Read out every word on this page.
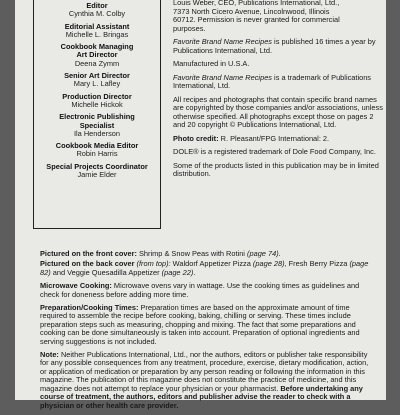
Editor
Cynthia M. Colby
Editorial Assistant
Michelle L. Bringas
Cookbook Managing
Art Director
Deena Zymm
Senior Art Director
Mary L. Lafley
Production Director
Michelle Hickok
Electronic Publishing
Specialist
Ila Henderson
Cookbook Media Editor
Robin Harris
Special Projects Coordinator
Jamie Elder

Louis Weber, CEO, Publications International, Ltd.,
7373 North Cicero Avenue, Lincolnwood, Illinois
60712. Permission is never granted for commercial
purposes.

Favorite Brand Name Recipes is published 16 times a year by Publications International, Ltd.

Manufactured in U.S.A.

Favorite Brand Name Recipes is a trademark of Publications International, Ltd.

All recipes and photographs that contain specific brand names are copyrighted by those companies and/or associations, unless otherwise specified. All photographs except those on pages 2 and 20 copyright © Publications International, Ltd.

Photo credit: R. Pleasant/FPG International: 2.

DOLE® is a registered trademark of Dole Food Company, Inc.

Some of the products listed in this publication may be in limited distribution.

Pictured on the front cover: Shrimp & Snow Peas with Rotini (page 74).

Pictured on the back cover (from top): Waldorf Appetizer Pizza (page 28), Fresh Berry Pizza (page 82) and Veggie Quesadilla Appetizer (page 22).

Microwave Cooking: Microwave ovens vary in wattage. Use the cooking times as guidelines and check for doneness before adding more time.

Preparation/Cooking Times: Preparation times are based on the approximate amount of time required to assemble the recipe before cooking, baking, chilling or serving. These times include preparation steps such as measuring, chopping and mixing. The fact that some preparations and cooking can be done simultaneously is taken into account. Preparation of optional ingredients and serving suggestions is not included.

Note: Neither Publications International, Ltd., nor the authors, editors or publisher take responsibility for any possible consequences from any treatment, procedure, exercise, dietary modification, action, or application of medication or preparation by any person reading or following the information in this magazine. The publication of this magazine does not constitute the practice of medicine, and this magazine does not attempt to replace your physician or your pharmacist. Before undertaking any course of treatment, the authors, editors and publisher advise the reader to check with a physician or other health care provider.
